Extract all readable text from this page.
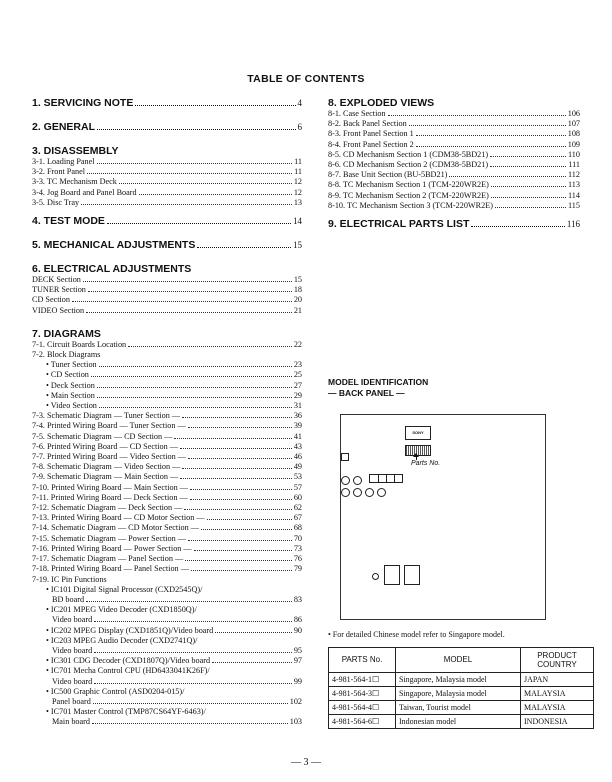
TABLE OF CONTENTS
1. SERVICING NOTE	4
2. GENERAL	6
3. DISASSEMBLY
3-1. Loading Panel	11
3-2. Front Panel	11
3-3. TC Mechanism Deck	12
3-4. Jog Board and Panel Board	12
3-5. Disc Tray	13
4. TEST MODE	14
5. MECHANICAL ADJUSTMENTS	15
6. ELECTRICAL ADJUSTMENTS
DECK Section	15
TUNER Section	18
CD Section	20
VIDEO Section	21
7. DIAGRAMS
7-1. Circuit Boards Location	22
7-2. Block Diagrams
• Tuner Section	23
• CD Section	25
• Deck Section	27
• Main Section	29
• Video Section	31
7-3. Schematic Diagram — Tuner Section —	36
7-4. Printed Wiring Board — Tuner Section —	39
7-5. Schematic Diagram — CD Section —	41
7-6. Printed Wiring Board — CD Section —	43
7-7. Printed Wiring Board — Video Section —	46
7-8. Schematic Diagram — Video Section —	49
7-9. Schematic Diagram — Main Section —	53
7-10. Printed Wiring Board — Main Section —	57
7-11. Printed Wiring Board — Deck Section —	60
7-12. Schematic Diagram — Deck Section —	62
7-13. Printed Wiring Board — CD Motor Section —	67
7-14. Schematic Diagram — CD Motor Section —	68
7-15. Schematic Diagram — Power Section —	70
7-16. Printed Wiring Board — Power Section —	73
7-17. Schematic Diagram — Panel Section —	76
7-18. Printed Wiring Board — Panel Section —	79
7-19. IC Pin Functions
• IC101 Digital Signal Processor (CXD2545Q)/
BD board	83
• IC201 MPEG Video Decoder (CXD1850Q)/
Video board	86
• IC202 MPEG Display (CXD1851Q)/Video board	90
• IC203 MPEG Audio Decoder (CXD2741Q)/
Video board	95
• IC301 CDG Decoder (CXD1807Q)/Video board	97
• IC701 Mecha Control CPU (HD6433041K26F)/
Video board	99
• IC500 Graphic Control (ASD0204-015)/
Panel board	102
• IC701 Master Control (TMP87CS64YF-6463)/
Main board	103
8. EXPLODED VIEWS
8-1. Case Section	106
8-2. Back Panel Section	107
8-3. Front Panel Section 1	108
8-4. Front Panel Section 2	109
8-5. CD Mechanism Section 1 (CDM38-5BD21)	110
8-6. CD Mechanism Section 2 (CDM38-5BD21)	111
8-7. Base Unit Section (BU-5BD21)	112
8-8. TC Mechanism Section 1 (TCM-220WR2E)	113
8-9. TC Mechanism Section 2 (TCM-220WR2E)	114
8-10. TC Mechanism Section 3 (TCM-220WR2E)	115
9. ELECTRICAL PARTS LIST	116
MODEL IDENTIFICATION
— BACK PANEL —
SONY
Parts No.
• For detailed Chinese model refer to Singapore model.
PARTS No.	MODEL	PRODUCT COUNTRY
4-981-564-1☐	Singapore, Malaysia model	JAPAN
4-981-564-3☐	Singapore, Malaysia model	MALAYSIA
4-981-564-4☐	Taiwan, Tourist model	MALAYSIA
4-981-564-6☐	Indonesian model	INDONESIA
— 3 —
